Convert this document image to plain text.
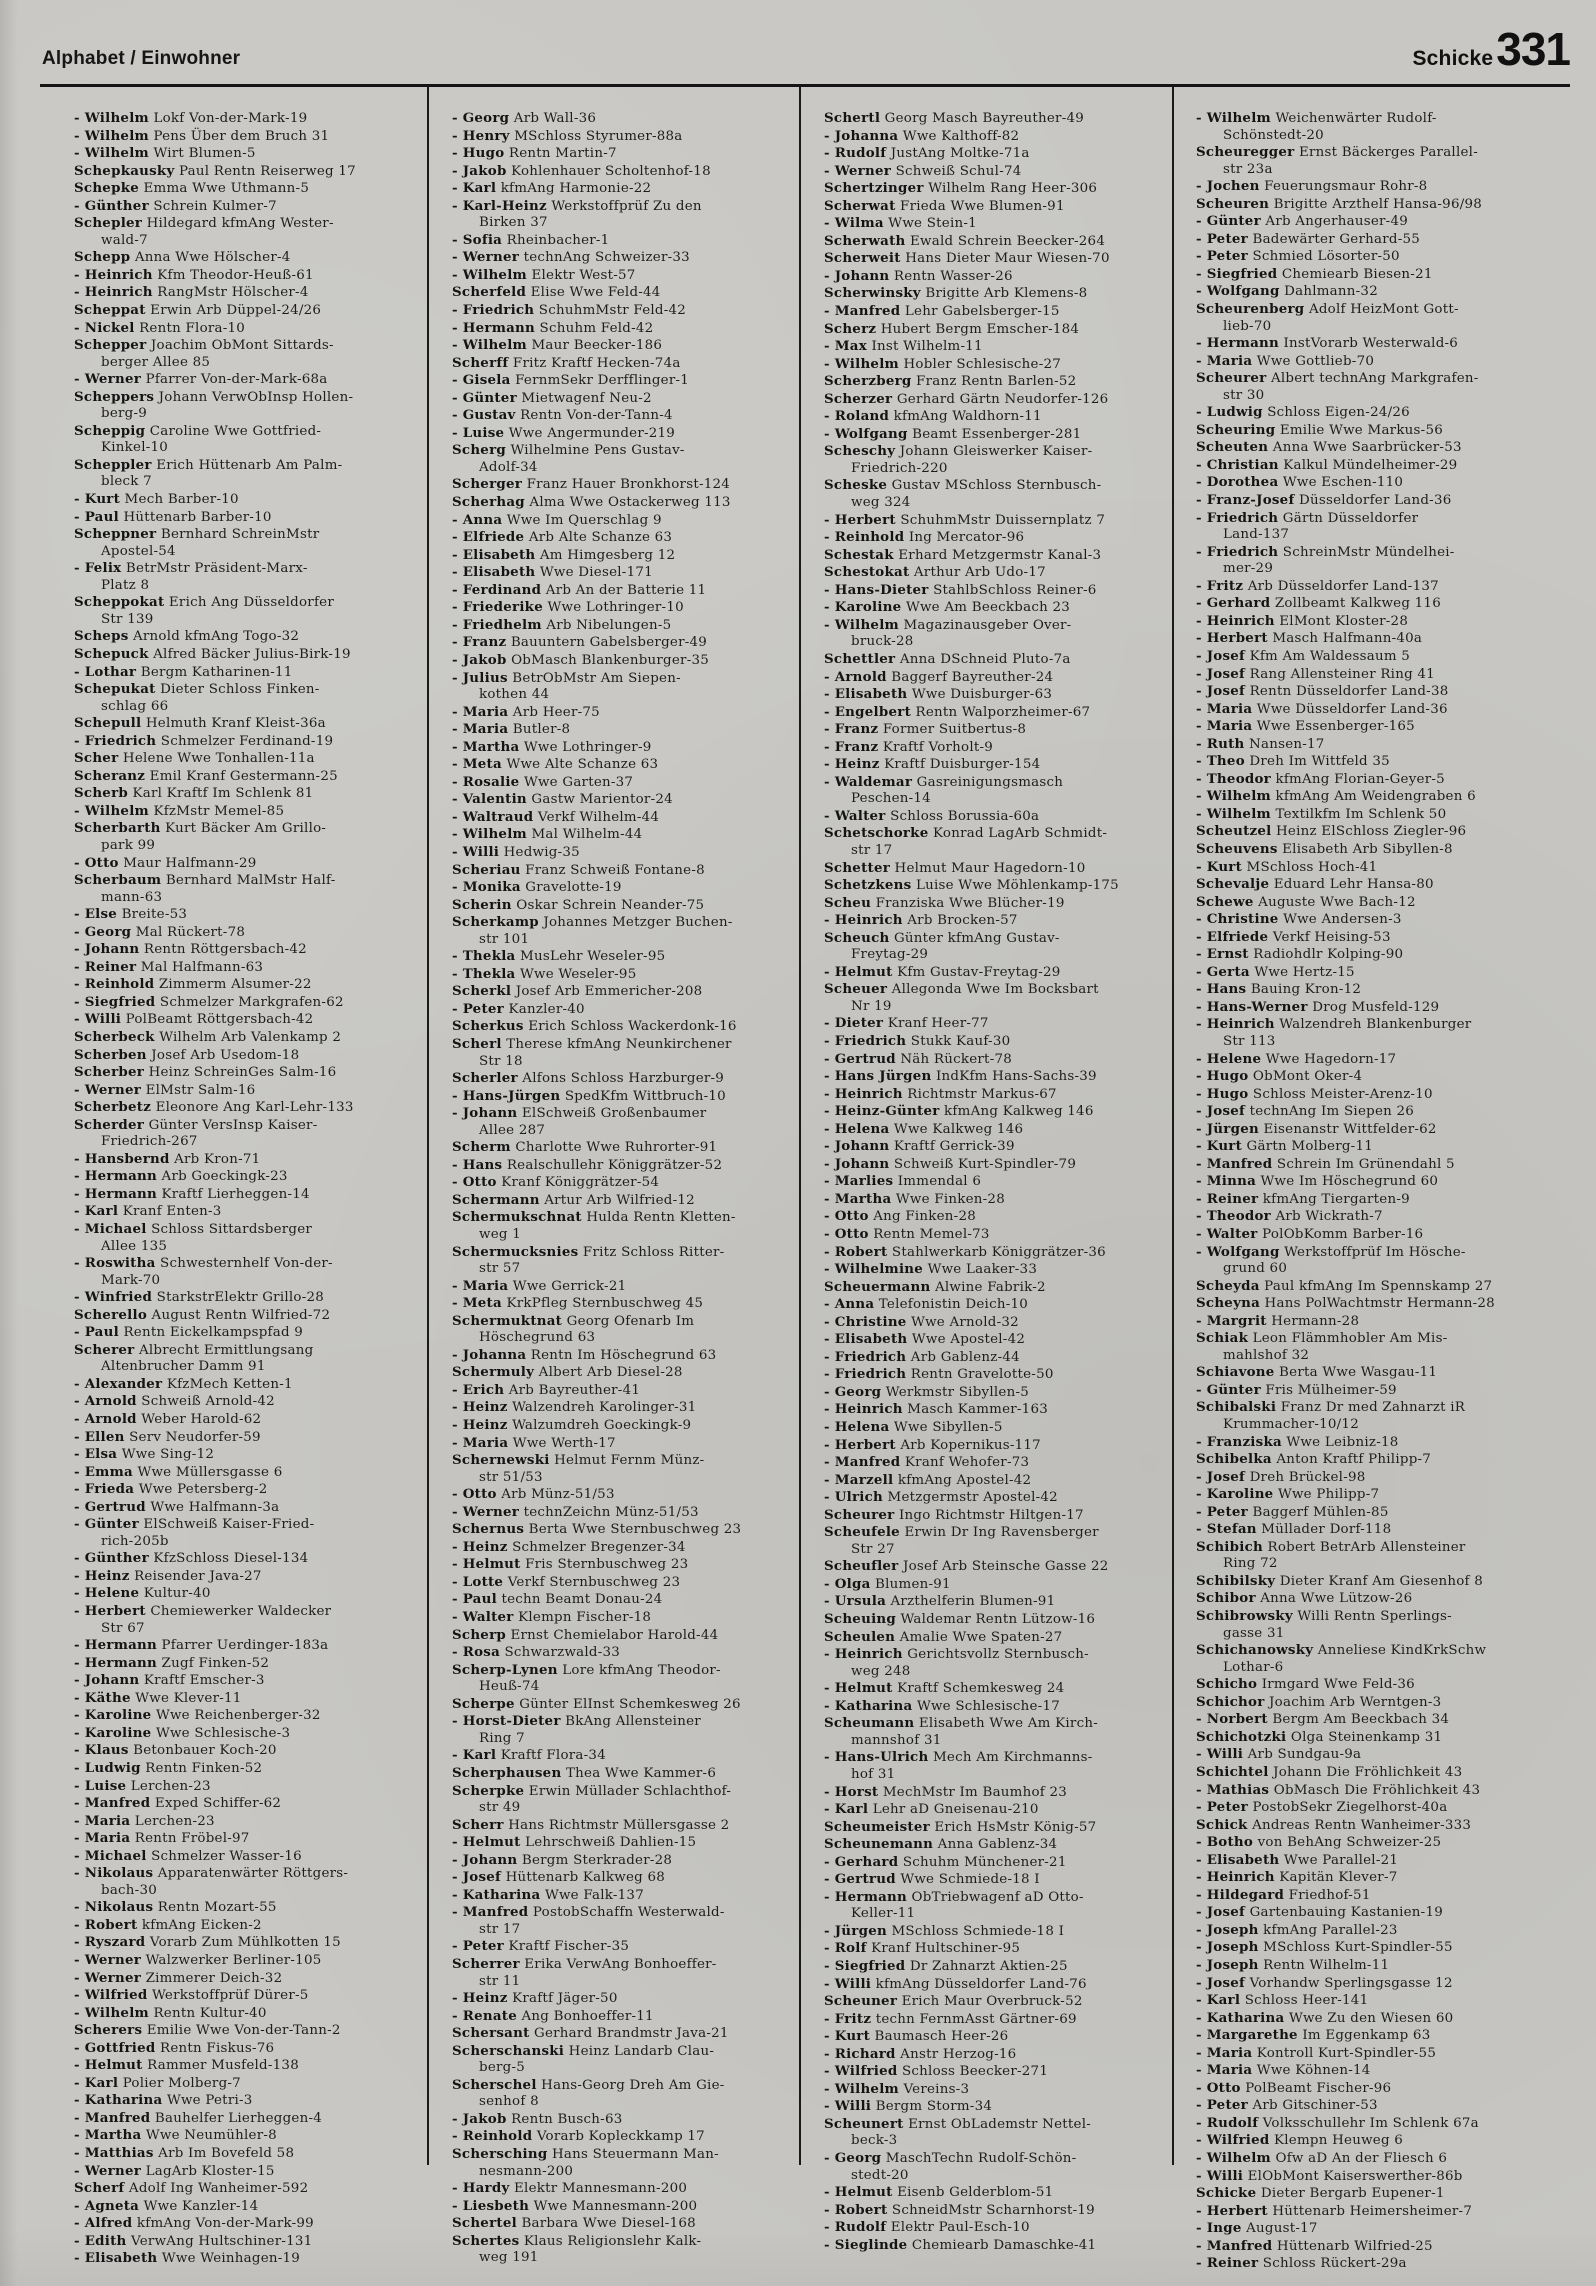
Alphabet / Einwohner	Schicke 331
- Wilhelm Lokf Von-der-Mark-19
- Wilhelm Pens Über dem Bruch 31
- Wilhelm Wirt Blumen-5
Schepkausky Paul Rentn Reiserweg 17
Schepke Emma Wwe Uthmann-5
- Günther Schrein Kulmer-7
Schepler Hildegard kfmAng Wester-
wald-7
Schepp Anna Wwe Hölscher-4
- Heinrich Kfm Theodor-Heuß-61
- Heinrich RangMstr Hölscher-4
Scheppat Erwin Arb Düppel-24/26
- Nickel Rentn Flora-10
Schepper Joachim ObMont Sittards-
berger Allee 85
- Werner Pfarrer Von-der-Mark-68a
Scheppers Johann VerwObInsp Hollen-
berg-9
Scheppig Caroline Wwe Gottfried-
Kinkel-10
Scheppler Erich Hüttenarb Am Palm-
bleck 7
- Kurt Mech Barber-10
- Paul Hüttenarb Barber-10
Scheppner Bernhard SchreinMstr
Apostel-54
- Felix BetrMstr Präsident-Marx-
Platz 8
Scheppokat Erich Ang Düsseldorfer
Str 139
Scheps Arnold kfmAng Togo-32
Schepuck Alfred Bäcker Julius-Birk-19
- Lothar Bergm Katharinen-11
Schepukat Dieter Schloss Finken-
schlag 66
Schepull Helmuth Kranf Kleist-36a
- Friedrich Schmelzer Ferdinand-19
Scher Helene Wwe Tonhallen-11a
Scheranz Emil Kranf Gestermann-25
Scherb Karl Kraftf Im Schlenk 81
- Wilhelm KfzMstr Memel-85
Scherbarth Kurt Bäcker Am Grillo-
park 99
- Otto Maur Halfmann-29
Scherbaum Bernhard MalMstr Half-
mann-63
- Else Breite-53
- Georg Mal Rückert-78
- Johann Rentn Röttgersbach-42
- Reiner Mal Halfmann-63
- Reinhold Zimmerm Alsumer-22
- Siegfried Schmelzer Markgrafen-62
- Willi PolBeamt Röttgersbach-42
Scherbeck Wilhelm Arb Valenkamp 2
Scherben Josef Arb Usedom-18
Scherber Heinz SchreinGes Salm-16
- Werner ElMstr Salm-16
Scherbetz Eleonore Ang Karl-Lehr-133
Scherder Günter VersInsp Kaiser-
Friedrich-267
- Hansbernd Arb Kron-71
- Hermann Arb Goeckingk-23
- Hermann Kraftf Lierheggen-14
- Karl Kranf Enten-3
- Michael Schloss Sittardsberger
Allee 135
- Roswitha Schwesternhelf Von-der-
Mark-70
- Winfried StarkstrElektr Grillo-28
Scherello August Rentn Wilfried-72
- Paul Rentn Eickelkampspfad 9
Scherer Albrecht Ermittlungsang
Altenbrucher Damm 91
- Alexander KfzMech Ketten-1
- Arnold Schweiß Arnold-42
- Arnold Weber Harold-62
- Ellen Serv Neudorfer-59
- Elsa Wwe Sing-12
- Emma Wwe Müllersgasse 6
- Frieda Wwe Petersberg-2
- Gertrud Wwe Halfmann-3a
- Günter ElSchweiß Kaiser-Fried-
rich-205b
- Günther KfzSchloss Diesel-134
- Heinz Reisender Java-27
- Helene Kultur-40
- Herbert Chemiewerker Waldecker
Str 67
- Hermann Pfarrer Uerdinger-183a
- Hermann Zugf Finken-52
- Johann Kraftf Emscher-3
- Käthe Wwe Klever-11
- Karoline Wwe Reichenberger-32
- Karoline Wwe Schlesische-3
- Klaus Betonbauer Koch-20
- Ludwig Rentn Finken-52
- Luise Lerchen-23
- Manfred Exped Schiffer-62
- Maria Lerchen-23
- Maria Rentn Fröbel-97
- Michael Schmelzer Wasser-16
- Nikolaus Apparatenwärter Röttgers-
bach-30
- Nikolaus Rentn Mozart-55
- Robert kfmAng Eicken-2
- Ryszard Vorarb Zum Mühlkotten 15
- Werner Walzwerker Berliner-105
- Werner Zimmerer Deich-32
- Wilfried Werkstoffprüf Dürer-5
- Wilhelm Rentn Kultur-40
Scherers Emilie Wwe Von-der-Tann-2
- Gottfried Rentn Fiskus-76
- Helmut Rammer Musfeld-138
- Karl Polier Molberg-7
- Katharina Wwe Petri-3
- Manfred Bauhelfer Lierheggen-4
- Martha Wwe Neumühler-8
- Matthias Arb Im Bovefeld 58
- Werner LagArb Kloster-15
Scherf Adolf Ing Wanheimer-592
- Agneta Wwe Kanzler-14
- Alfred kfmAng Von-der-Mark-99
- Edith VerwAng Hultschiner-131
- Elisabeth Wwe Weinhagen-19
- Georg Arb Wall-36
- Henry MSchloss Styrumer-88a
- Hugo Rentn Martin-7
- Jakob Kohlenhauer Scholtenhof-18
- Karl kfmAng Harmonie-22
- Karl-Heinz Werkstoffprüf Zu den
Birken 37
- Sofia Rheinbacher-1
- Werner technAng Schweizer-33
- Wilhelm Elektr West-57
Scherfeld Elise Wwe Feld-44
- Friedrich SchuhmMstr Feld-42
- Hermann Schuhm Feld-42
- Wilhelm Maur Beecker-186
Scherff Fritz Kraftf Hecken-74a
- Gisela FernmSekr Derfflinger-1
- Günter Mietwagenf Neu-2
- Gustav Rentn Von-der-Tann-4
- Luise Wwe Angermunder-219
Scherg Wilhelmine Pens Gustav-
Adolf-34
Scherger Franz Hauer Bronkhorst-124
Scherhag Alma Wwe Ostackerweg 113
- Anna Wwe Im Querschlag 9
- Elfriede Arb Alte Schanze 63
- Elisabeth Am Himgesberg 12
- Elisabeth Wwe Diesel-171
- Ferdinand Arb An der Batterie 11
- Friederike Wwe Lothringer-10
- Friedhelm Arb Nibelungen-5
- Franz Bauuntern Gabelsberger-49
- Jakob ObMasch Blankenburger-35
- Julius BetrObMstr Am Siepen-
kothen 44
- Maria Arb Heer-75
- Maria Butler-8
- Martha Wwe Lothringer-9
- Meta Wwe Alte Schanze 63
- Rosalie Wwe Garten-37
- Valentin Gastw Marientor-24
- Waltraud Verkf Wilhelm-44
- Wilhelm Mal Wilhelm-44
- Willi Hedwig-35
Scheriau Franz Schweiß Fontane-8
- Monika Gravelotte-19
Scherin Oskar Schrein Neander-75
Scherkamp Johannes Metzger Buchen-
str 101
- Thekla MusLehr Weseler-95
- Thekla Wwe Weseler-95
Scherkl Josef Arb Emmericher-208
- Peter Kanzler-40
Scherkus Erich Schloss Wackerdonk-16
Scherl Therese kfmAng Neunkirchener
Str 18
Scherler Alfons Schloss Harzburger-9
- Hans-Jürgen SpedKfm Wittbruch-10
- Johann ElSchweiß Großenbaumer
Allee 287
Scherm Charlotte Wwe Ruhrorter-91
- Hans Realschullehr Königgrätzer-52
- Otto Kranf Königgrätzer-54
Schermann Artur Arb Wilfried-12
Schermukschnat Hulda Rentn Kletten-
weg 1
Schermucksnies Fritz Schloss Ritter-
str 57
- Maria Wwe Gerrick-21
- Meta KrkPfleg Sternbuschweg 45
Schermuktnat Georg Ofenarb Im
Höschegrund 63
- Johanna Rentn Im Höschegrund 63
Schermuly Albert Arb Diesel-28
- Erich Arb Bayreuther-41
- Heinz Walzendreh Karolinger-31
- Heinz Walzumdreh Goeckingk-9
- Maria Wwe Werth-17
Schernewski Helmut Fernm Münz-
str 51/53
- Otto Arb Münz-51/53
- Werner technZeichn Münz-51/53
Schernus Berta Wwe Sternbuschweg 23
- Heinz Schmelzer Bregenzer-34
- Helmut Fris Sternbuschweg 23
- Lotte Verkf Sternbuschweg 23
- Paul techn Beamt Donau-24
- Walter Klempn Fischer-18
Scherp Ernst Chemielabor Harold-44
- Rosa Schwarzwald-33
Scherp-Lynen Lore kfmAng Theodor-
Heuß-74
Scherpe Günter ElInst Schemkesweg 26
- Horst-Dieter BkAng Allensteiner
Ring 7
- Karl Kraftf Flora-34
Scherphausen Thea Wwe Kammer-6
Scherpke Erwin Müllader Schlachthof-
str 49
Scherr Hans Richtmstr Müllersgasse 2
- Helmut Lehrschweiß Dahlien-15
- Johann Bergm Sterkrader-28
- Josef Hüttenarb Kalkweg 68
- Katharina Wwe Falk-137
- Manfred PostobSchaffn Westerwald-
str 17
- Peter Kraftf Fischer-35
Scherrer Erika VerwAng Bonhoeffer-
str 11
- Heinz Kraftf Jäger-50
- Renate Ang Bonhoeffer-11
Schersant Gerhard Brandmstr Java-21
Scherschanski Heinz Landarb Clau-
berg-5
Scherschel Hans-Georg Dreh Am Gie-
senhof 8
- Jakob Rentn Busch-63
- Reinhold Vorarb Kopleckkamp 17
Schersching Hans Steuermann Man-
nesmann-200
- Hardy Elektr Mannesmann-200
- Liesbeth Wwe Mannesmann-200
Schertel Barbara Wwe Diesel-168
Schertes Klaus Religionslehr Kalk-
weg 191
Schertl Georg Masch Bayreuther-49
- Johanna Wwe Kalthoff-82
- Rudolf JustAng Moltke-71a
- Werner Schweiß Schul-74
Schertzinger Wilhelm Rang Heer-306
Scherwat Frieda Wwe Blumen-91
- Wilma Wwe Stein-1
Scherwath Ewald Schrein Beecker-264
Scherweit Hans Dieter Maur Wiesen-70
- Johann Rentn Wasser-26
Scherwinsky Brigitte Arb Klemens-8
- Manfred Lehr Gabelsberger-15
Scherz Hubert Bergm Emscher-184
- Max Inst Wilhelm-11
- Wilhelm Hobler Schlesische-27
Scherzberg Franz Rentn Barlen-52
Scherzer Gerhard Gärtn Neudorfer-126
- Roland kfmAng Waldhorn-11
- Wolfgang Beamt Essenberger-281
Scheschy Johann Gleiswerker Kaiser-
Friedrich-220
Scheske Gustav MSchloss Sternbusch-
weg 324
- Herbert SchuhmMstr Duissernplatz 7
- Reinhold Ing Mercator-96
Schestak Erhard Metzgermstr Kanal-3
Schestokat Arthur Arb Udo-17
- Hans-Dieter StahlbSchloss Reiner-6
- Karoline Wwe Am Beeckbach 23
- Wilhelm Magazinausgeber Over-
bruck-28
Schettler Anna DSchneid Pluto-7a
- Arnold Baggerf Bayreuther-24
- Elisabeth Wwe Duisburger-63
- Engelbert Rentn Walporzheimer-67
- Franz Former Suitbertus-8
- Franz Kraftf Vorholt-9
- Heinz Kraftf Duisburger-154
- Waldemar Gasreinigungsmasch
Peschen-14
- Walter Schloss Borussia-60a
Schetschorke Konrad LagArb Schmidt-
str 17
Schetter Helmut Maur Hagedorn-10
Schetzkens Luise Wwe Möhlenkamp-175
Scheu Franziska Wwe Blücher-19
- Heinrich Arb Brocken-57
Scheuch Günter kfmAng Gustav-
Freytag-29
- Helmut Kfm Gustav-Freytag-29
Scheuer Allegonda Wwe Im Bocksbart
Nr 19
- Dieter Kranf Heer-77
- Friedrich Stukk Kauf-30
- Gertrud Näh Rückert-78
- Hans Jürgen IndKfm Hans-Sachs-39
- Heinrich Richtmstr Markus-67
- Heinz-Günter kfmAng Kalkweg 146
- Helena Wwe Kalkweg 146
- Johann Kraftf Gerrick-39
- Johann Schweiß Kurt-Spindler-79
- Marlies Immendal 6
- Martha Wwe Finken-28
- Otto Ang Finken-28
- Otto Rentn Memel-73
- Robert Stahlwerkarb Königgrätzer-36
- Wilhelmine Wwe Laaker-33
Scheuermann Alwine Fabrik-2
- Anna Telefonistin Deich-10
- Christine Wwe Arnold-32
- Elisabeth Wwe Apostel-42
- Friedrich Arb Gablenz-44
- Friedrich Rentn Gravelotte-50
- Georg Werkmstr Sibyllen-5
- Heinrich Masch Kammer-163
- Helena Wwe Sibyllen-5
- Herbert Arb Kopernikus-117
- Manfred Kranf Wehofer-73
- Marzell kfmAng Apostel-42
- Ulrich Metzgermstr Apostel-42
Scheurer Ingo Richtmstr Hiltgen-17
Scheufele Erwin Dr Ing Ravensberger
Str 27
Scheufler Josef Arb Steinsche Gasse 22
- Olga Blumen-91
- Ursula Arzthelferin Blumen-91
Scheuing Waldemar Rentn Lützow-16
Scheulen Amalie Wwe Spaten-27
- Heinrich Gerichtsvollz Sternbusch-
weg 248
- Helmut Kraftf Schemkesweg 24
- Katharina Wwe Schlesische-17
Scheumann Elisabeth Wwe Am Kirch-
mannshof 31
- Hans-Ulrich Mech Am Kirchmanns-
hof 31
- Horst MechMstr Im Baumhof 23
- Karl Lehr aD Gneisenau-210
Scheumeister Erich HsMstr König-57
Scheunemann Anna Gablenz-34
- Gerhard Schuhm Münchener-21
- Gertrud Wwe Schmiede-18 I
- Hermann ObTriebwagenf aD Otto-
Keller-11
- Jürgen MSchloss Schmiede-18 I
- Rolf Kranf Hultschiner-95
- Siegfried Dr Zahnarzt Aktien-25
- Willi kfmAng Düsseldorfer Land-76
Scheuner Erich Maur Overbruck-52
- Fritz techn FernmAsst Gärtner-69
- Kurt Baumasch Heer-26
- Richard Anstr Herzog-16
- Wilfried Schloss Beecker-271
- Wilhelm Vereins-3
- Willi Bergm Storm-34
Scheunert Ernst ObLademstr Nettel-
beck-3
- Georg MaschTechn Rudolf-Schön-
stedt-20
- Helmut Eisenb Gelderblom-51
- Robert SchneidMstr Scharnhorst-19
- Rudolf Elektr Paul-Esch-10
- Sieglinde Chemiearb Damaschke-41
- Wilhelm Weichenwärter Rudolf-
Schönstedt-20
Scheuregger Ernst Bäckerges Parallel-
str 23a
- Jochen Feuerungsmaur Rohr-8
Scheuren Brigitte Arzthelf Hansa-96/98
- Günter Arb Angerhauser-49
- Peter Badewärter Gerhard-55
- Peter Schmied Lösorter-50
- Siegfried Chemiearb Biesen-21
- Wolfgang Dahlmann-32
Scheurenberg Adolf HeizMont Gott-
lieb-70
- Hermann InstVorarb Westerwald-6
- Maria Wwe Gottlieb-70
Scheurer Albert technAng Markgrafen-
str 30
- Ludwig Schloss Eigen-24/26
Scheuring Emilie Wwe Markus-56
Scheuten Anna Wwe Saarbrücker-53
- Christian Kalkul Mündelheimer-29
- Dorothea Wwe Eschen-110
- Franz-Josef Düsseldorfer Land-36
- Friedrich Gärtn Düsseldorfer
Land-137
- Friedrich SchreinMstr Mündelhei-
mer-29
- Fritz Arb Düsseldorfer Land-137
- Gerhard Zollbeamt Kalkweg 116
- Heinrich ElMont Kloster-28
- Herbert Masch Halfmann-40a
- Josef Kfm Am Waldessaum 5
- Josef Rang Allensteiner Ring 41
- Josef Rentn Düsseldorfer Land-38
- Maria Wwe Düsseldorfer Land-36
- Maria Wwe Essenberger-165
- Ruth Nansen-17
- Theo Dreh Im Wittfeld 35
- Theodor kfmAng Florian-Geyer-5
- Wilhelm kfmAng Am Weidengraben 6
- Wilhelm Textilkfm Im Schlenk 50
Scheutzel Heinz ElSchloss Ziegler-96
Scheuvens Elisabeth Arb Sibyllen-8
- Kurt MSchloss Hoch-41
Schevalje Eduard Lehr Hansa-80
Schewe Auguste Wwe Bach-12
- Christine Wwe Andersen-3
- Elfriede Verkf Heising-53
- Ernst Radiohdlr Kolping-90
- Gerta Wwe Hertz-15
- Hans Bauing Kron-12
- Hans-Werner Drog Musfeld-129
- Heinrich Walzendreh Blankenburger
Str 113
- Helene Wwe Hagedorn-17
- Hugo ObMont Oker-4
- Hugo Schloss Meister-Arenz-10
- Josef technAng Im Siepen 26
- Jürgen Eisenanstr Wittfelder-62
- Kurt Gärtn Molberg-11
- Manfred Schrein Im Grünendahl 5
- Minna Wwe Im Höschegrund 60
- Reiner kfmAng Tiergarten-9
- Theodor Arb Wickrath-7
- Walter PolObKomm Barber-16
- Wolfgang Werkstoffprüf Im Hösche-
grund 60
Scheyda Paul kfmAng Im Spennskamp 27
Scheyna Hans PolWachtmstr Hermann-28
- Margrit Hermann-28
Schiak Leon Flämmhobler Am Mis-
mahlshof 32
Schiavone Berta Wwe Wasgau-11
- Günter Fris Mülheimer-59
Schibalski Franz Dr med Zahnarzt iR
Krummacher-10/12
- Franziska Wwe Leibniz-18
Schibelka Anton Kraftf Philipp-7
- Josef Dreh Brückel-98
- Karoline Wwe Philipp-7
- Peter Baggerf Mühlen-85
- Stefan Müllader Dorf-118
Schibich Robert BetrArb Allensteiner
Ring 72
Schibilsky Dieter Kranf Am Giesenhof 8
Schibor Anna Wwe Lützow-26
Schibrowsky Willi Rentn Sperlings-
gasse 31
Schichanowsky Anneliese KindKrkSchw
Lothar-6
Schicho Irmgard Wwe Feld-36
Schichor Joachim Arb Werntgen-3
- Norbert Bergm Am Beeckbach 34
Schichotzki Olga Steinenkamp 31
- Willi Arb Sundgau-9a
Schichtel Johann Die Fröhlichkeit 43
- Mathias ObMasch Die Fröhlichkeit 43
- Peter PostobSekr Ziegelhorst-40a
Schick Andreas Rentn Wanheimer-333
- Botho von BehAng Schweizer-25
- Elisabeth Wwe Parallel-21
- Heinrich Kapitän Klever-7
- Hildegard Friedhof-51
- Josef Gartenbauing Kastanien-19
- Joseph kfmAng Parallel-23
- Joseph MSchloss Kurt-Spindler-55
- Joseph Rentn Wilhelm-11
- Josef Vorhandw Sperlingsgasse 12
- Karl Schloss Heer-141
- Katharina Wwe Zu den Wiesen 60
- Margarethe Im Eggenkamp 63
- Maria Kontroll Kurt-Spindler-55
- Maria Wwe Köhnen-14
- Otto PolBeamt Fischer-96
- Peter Arb Gitschiner-53
- Rudolf Volksschullehr Im Schlenk 67a
- Wilfried Klempn Heuweg 6
- Wilhelm Ofw aD An der Fliesch 6
- Willi ElObMont Kaiserswerther-86b
Schicke Dieter Bergarb Eupener-1
- Herbert Hüttenarb Heimersheimer-7
- Inge August-17
- Manfred Hüttenarb Wilfried-25
- Reiner Schloss Rückert-29a
